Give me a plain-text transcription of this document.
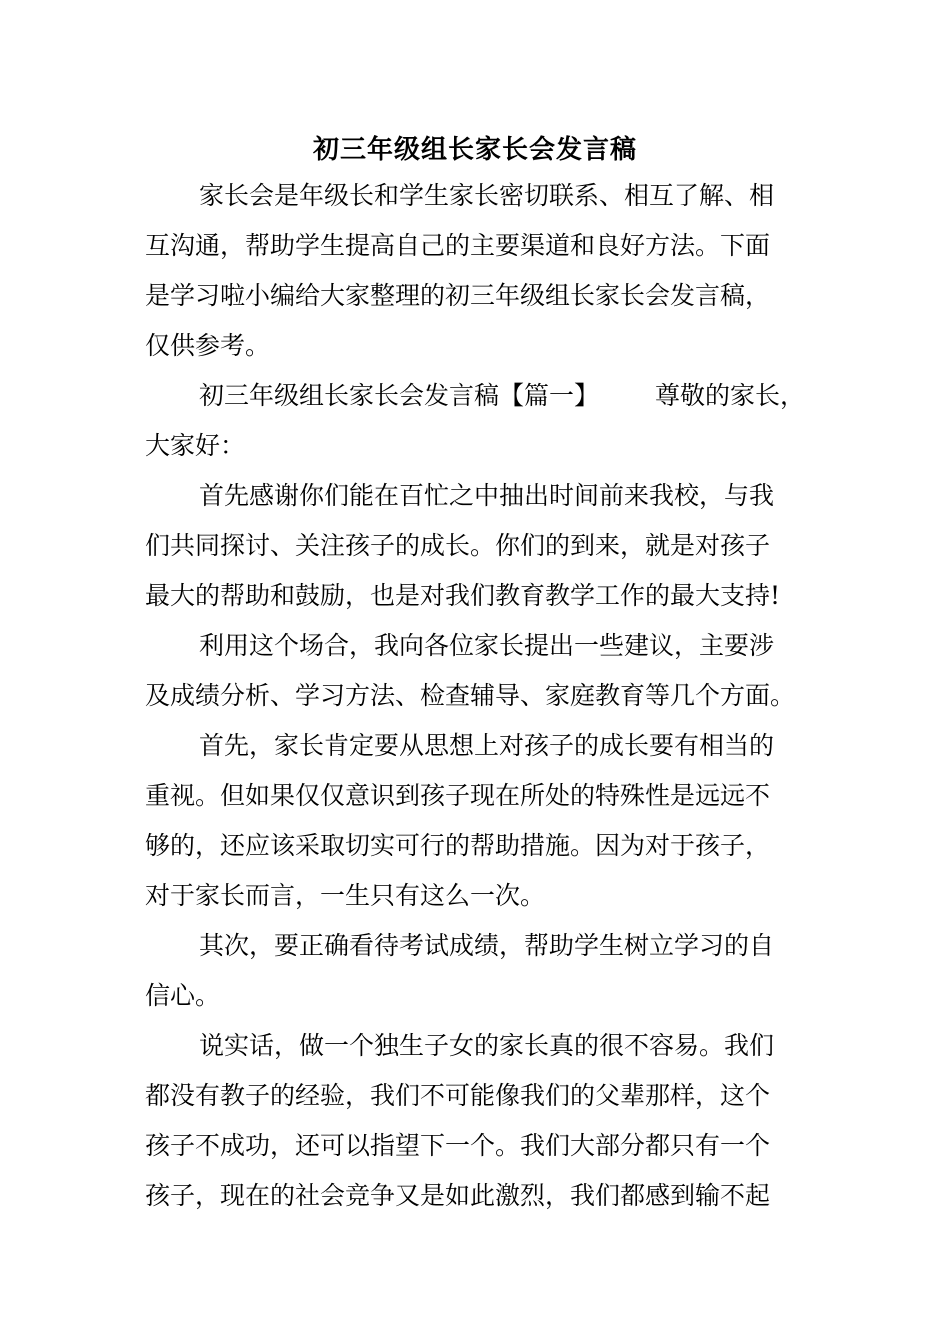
初三年级组长家长会发言稿
家长会是年级长和学生家长密切联系、相互了解、相
互沟通，帮助学生提高自己的主要渠道和良好方法。下面
是学习啦小编给大家整理的初三年级组长家长会发言稿，
仅供参考。
初三年级组长家长会发言稿【篇一】 尊敬的家长，
大家好：
首先感谢你们能在百忙之中抽出时间前来我校，与我
们共同探讨、关注孩子的成长。你们的到来，就是对孩子
最大的帮助和鼓励，也是对我们教育教学工作的最大支持!
利用这个场合，我向各位家长提出一些建议，主要涉
及成绩分析、学习方法、检查辅导、家庭教育等几个方面。
首先，家长肯定要从思想上对孩子的成长要有相当的
重视。但如果仅仅意识到孩子现在所处的特殊性是远远不
够的，还应该采取切实可行的帮助措施。因为对于孩子，
对于家长而言，一生只有这么一次。
其次，要正确看待考试成绩，帮助学生树立学习的自
信心。
说实话，做一个独生子女的家长真的很不容易。我们
都没有教子的经验，我们不可能像我们的父辈那样，这个
孩子不成功，还可以指望下一个。我们大部分都只有一个
孩子，现在的社会竞争又是如此激烈，我们都感到输不起
